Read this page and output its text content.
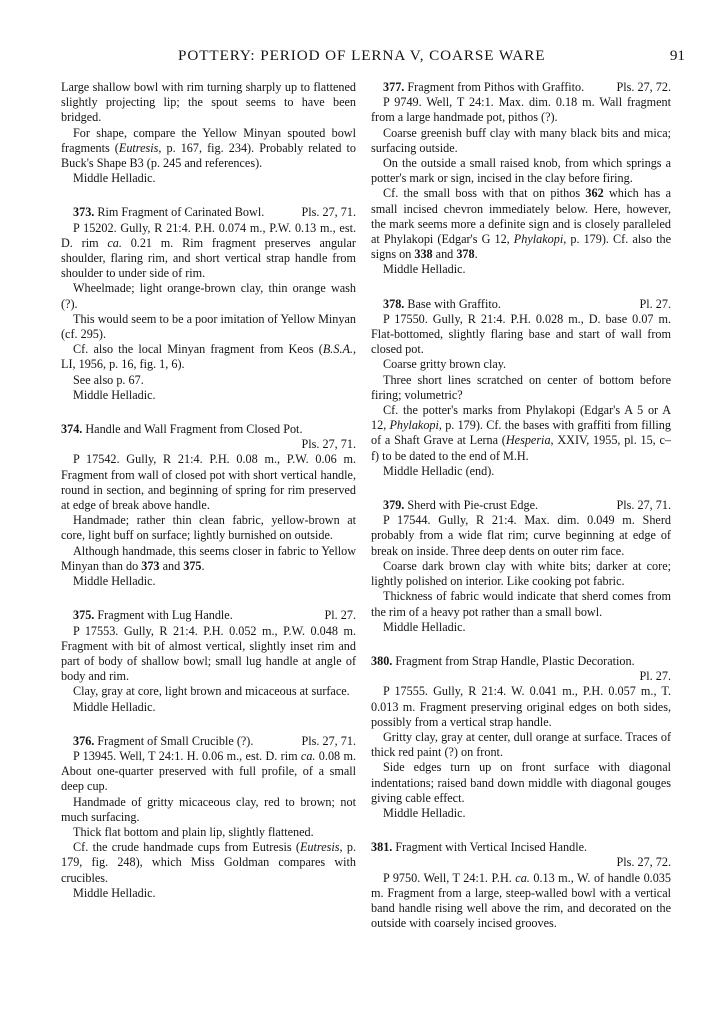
POTTERY: PERIOD OF LERNA V, COARSE WARE	91

Large shallow bowl with rim turning sharply up to flattened slightly projecting lip; the spout seems to have been bridged.

For shape, compare the Yellow Minyan spouted bowl fragments (Eutresis, p. 167, fig. 234). Probably related to Buck's Shape B3 (p. 245 and references).

Middle Helladic.

373. Rim Fragment of Carinated Bowl.	Pls. 27, 71.

P 15202. Gully, R 21:4. P.H. 0.074 m., P.W. 0.13 m., est. D. rim ca. 0.21 m. Rim fragment preserves angular shoulder, flaring rim, and short vertical strap handle from shoulder to under side of rim.

Wheelmade; light orange-brown clay, thin orange wash (?).

This would seem to be a poor imitation of Yellow Minyan (cf. 295).

Cf. also the local Minyan fragment from Keos (B.S.A., LI, 1956, p. 16, fig. 1, 6).

See also p. 67.

Middle Helladic.

374. Handle and Wall Fragment from Closed Pot.

Pls. 27, 71.

P 17542. Gully, R 21:4. P.H. 0.08 m., P.W. 0.06 m. Fragment from wall of closed pot with short vertical handle, round in section, and beginning of spring for rim preserved at edge of break above handle.

Handmade; rather thin clean fabric, yellow-brown at core, light buff on surface; lightly burnished on outside.

Although handmade, this seems closer in fabric to Yellow Minyan than do 373 and 375.

Middle Helladic.

375. Fragment with Lug Handle.	Pl. 27.

P 17553. Gully, R 21:4. P.H. 0.052 m., P.W. 0.048 m. Fragment with bit of almost vertical, slightly inset rim and part of body of shallow bowl; small lug handle at angle of body and rim.

Clay, gray at core, light brown and micaceous at surface.

Middle Helladic.

376. Fragment of Small Crucible (?).	Pls. 27, 71.

P 13945. Well, T 24:1. H. 0.06 m., est. D. rim ca. 0.08 m. About one-quarter preserved with full profile, of a small deep cup.

Handmade of gritty micaceous clay, red to brown; not much surfacing.

Thick flat bottom and plain lip, slightly flattened.

Cf. the crude handmade cups from Eutresis (Eutresis, p. 179, fig. 248), which Miss Goldman compares with crucibles.

Middle Helladic.

377. Fragment from Pithos with Graffito.	Pls. 27, 72.

P 9749. Well, T 24:1. Max. dim. 0.18 m. Wall fragment from a large handmade pot, pithos (?).

Coarse greenish buff clay with many black bits and mica; surfacing outside.

On the outside a small raised knob, from which springs a potter's mark or sign, incised in the clay before firing.

Cf. the small boss with that on pithos 362 which has a small incised chevron immediately below. Here, however, the mark seems more a definite sign and is closely paralleled at Phylakopi (Edgar's G 12, Phylakopi, p. 179). Cf. also the signs on 338 and 378.

Middle Helladic.

378. Base with Graffito.	Pl. 27.

P 17550. Gully, R 21:4. P.H. 0.028 m., D. base 0.07 m. Flat-bottomed, slightly flaring base and start of wall from closed pot.

Coarse gritty brown clay.

Three short lines scratched on center of bottom before firing; volumetric?

Cf. the potter's marks from Phylakopi (Edgar's A 5 or A 12, Phylakopi, p. 179). Cf. the bases with graffiti from filling of a Shaft Grave at Lerna (Hesperia, XXIV, 1955, pl. 15, c–f) to be dated to the end of M.H.

Middle Helladic (end).

379. Sherd with Pie-crust Edge.	Pls. 27, 71.

P 17544. Gully, R 21:4. Max. dim. 0.049 m. Sherd probably from a wide flat rim; curve beginning at edge of break on inside. Three deep dents on outer rim face.

Coarse dark brown clay with white bits; darker at core; lightly polished on interior. Like cooking pot fabric.

Thickness of fabric would indicate that sherd comes from the rim of a heavy pot rather than a small bowl.

Middle Helladic.

380. Fragment from Strap Handle, Plastic Decoration.

Pl. 27.

P 17555. Gully, R 21:4. W. 0.041 m., P.H. 0.057 m., T. 0.013 m. Fragment preserving original edges on both sides, possibly from a vertical strap handle.

Gritty clay, gray at center, dull orange at surface. Traces of thick red paint (?) on front.

Side edges turn up on front surface with diagonal indentations; raised band down middle with diagonal gouges giving cable effect.

Middle Helladic.

381. Fragment with Vertical Incised Handle.

Pls. 27, 72.

P 9750. Well, T 24:1. P.H. ca. 0.13 m., W. of handle 0.035 m. Fragment from a large, steep-walled bowl with a vertical band handle rising well above the rim, and decorated on the outside with coarsely incised grooves.
